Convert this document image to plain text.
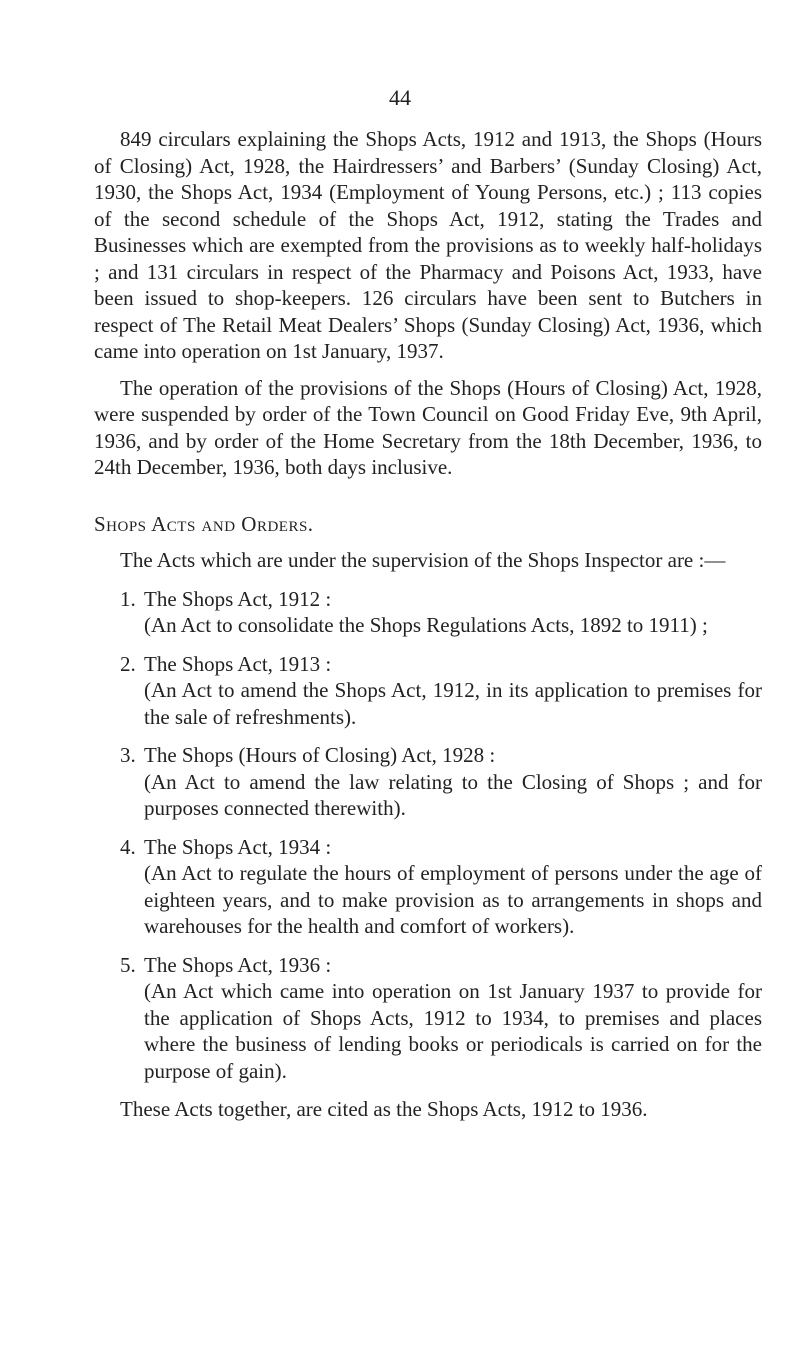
44

849 circulars explaining the Shops Acts, 1912 and 1913, the Shops (Hours of Closing) Act, 1928, the Hairdressers’ and Barbers’ (Sunday Closing) Act, 1930, the Shops Act, 1934 (Employment of Young Persons, etc.) ; 113 copies of the second schedule of the Shops Act, 1912, stating the Trades and Businesses which are exempted from the provisions as to weekly half-holidays ; and 131 circulars in respect of the Pharmacy and Poisons Act, 1933, have been issued to shop-keepers. 126 circulars have been sent to Butchers in respect of The Retail Meat Dealers’ Shops (Sunday Closing) Act, 1936, which came into operation on 1st January, 1937.

The operation of the provisions of the Shops (Hours of Closing) Act, 1928, were suspended by order of the Town Council on Good Friday Eve, 9th April, 1936, and by order of the Home Secretary from the 18th December, 1936, to 24th December, 1936, both days inclusive.

Shops Acts and Orders.

The Acts which are under the supervision of the Shops Inspector are :—

1. The Shops Act, 1912 :
(An Act to consolidate the Shops Regulations Acts, 1892 to 1911) ;
2. The Shops Act, 1913 :
(An Act to amend the Shops Act, 1912, in its application to premises for the sale of refreshments).
3. The Shops (Hours of Closing) Act, 1928 :
(An Act to amend the law relating to the Closing of Shops ; and for purposes connected therewith).
4. The Shops Act, 1934 :
(An Act to regulate the hours of employment of persons under the age of eighteen years, and to make provision as to arrangements in shops and warehouses for the health and comfort of workers).
5. The Shops Act, 1936 :
(An Act which came into operation on 1st January 1937 to provide for the application of Shops Acts, 1912 to 1934, to premises and places where the business of lending books or periodicals is carried on for the purpose of gain).

These Acts together, are cited as the Shops Acts, 1912 to 1936.
